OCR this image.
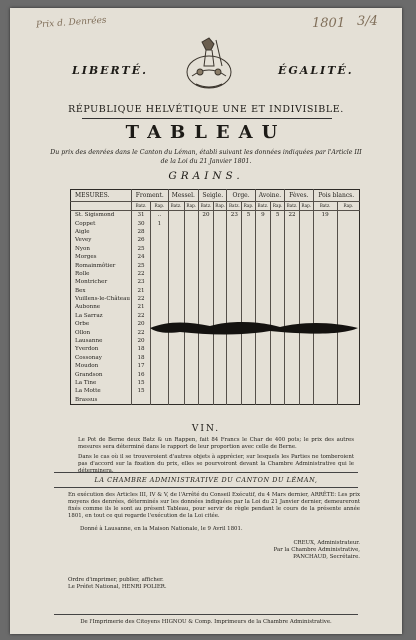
Prix d. Denrées	1801 3/4
LIBERTÉ.	ÉGALITÉ.
RÉPUBLIQUE HELVÉTIQUE UNE ET INDIVISIBLE.
TABLEAU
Du prix des denrées dans le Canton du Léman, établi suivant les données indiquées par l'Article III
de la Loi du 21 Janvier 1801.
GRAINS.
MESURES.	Froment.		Messel.		Seigle.		Orge.		Avoine.		Fèves.		Pois blancs.	
	Batz.	Rap.	Batz.	Rap.	Batz.	Rap.	Batz.	Rap.	Batz.	Rap.	Batz.	Rap.	Batz.	Rap.
St. Sigismond	31	..			20		23	5	9	5	22		19	
Coppet	30	1												
Aigle	28													
Vevey	26													
Nyon	25													
Morges	24													
Romainmôtier	25													
Rolle	22													
Montricher	23													
Bex	21													
Vuillens-le-Château	22													
Aubonne	21													
La Sarraz	22													
Orbe	20													
Ollon	22													
Lausanne	20													
Yverdon	18													
Cossonay	18													
Moudon	17													
Grandson	16													
La Tine	15													
La Motte	15													
Brassus														
VIN.
Le Pot de Berne deux Batz & un Rappen, fait 84 Francs le Char de 400 pots; le prix des autres mesures sera déterminé dans le rapport de leur proportion avec celle de Berne.
Dans le cas où il se trouveroient d'autres objets à apprécier, sur lesquels les Parties ne tomberoient pas d'accord sur la fixation du prix, elles se pourvoiront devant la Chambre Administrative qui le déterminera.
LA CHAMBRE ADMINISTRATIVE DU CANTON DU LÉMAN,
En exécution des Articles III, IV & V, de l'Arrêté du Conseil Exécutif, du 4 Mars dernier, ARRÊTE: Les prix moyens des denrées, déterminés sur les données indiquées par la Loi du 21 Janvier dernier, demeureront fixés comme ils le sont au présent Tableau, pour servir de règle pendant le cours de la présente année 1801, en tout ce qui regarde l'exécution de la Loi citée.
Donné à Lausanne, en la Maison Nationale, le 9 Avril 1801.
CREUX, Administrateur.
Par la Chambre Administrative,
PANCHAUD, Secrétaire.
Ordre d'imprimer, publier, afficher.
Le Préfet National, HENRI POLIER.
De l'Imprimerie des Citoyens HIGNOU & Comp. Imprimeurs de la Chambre Administrative.
